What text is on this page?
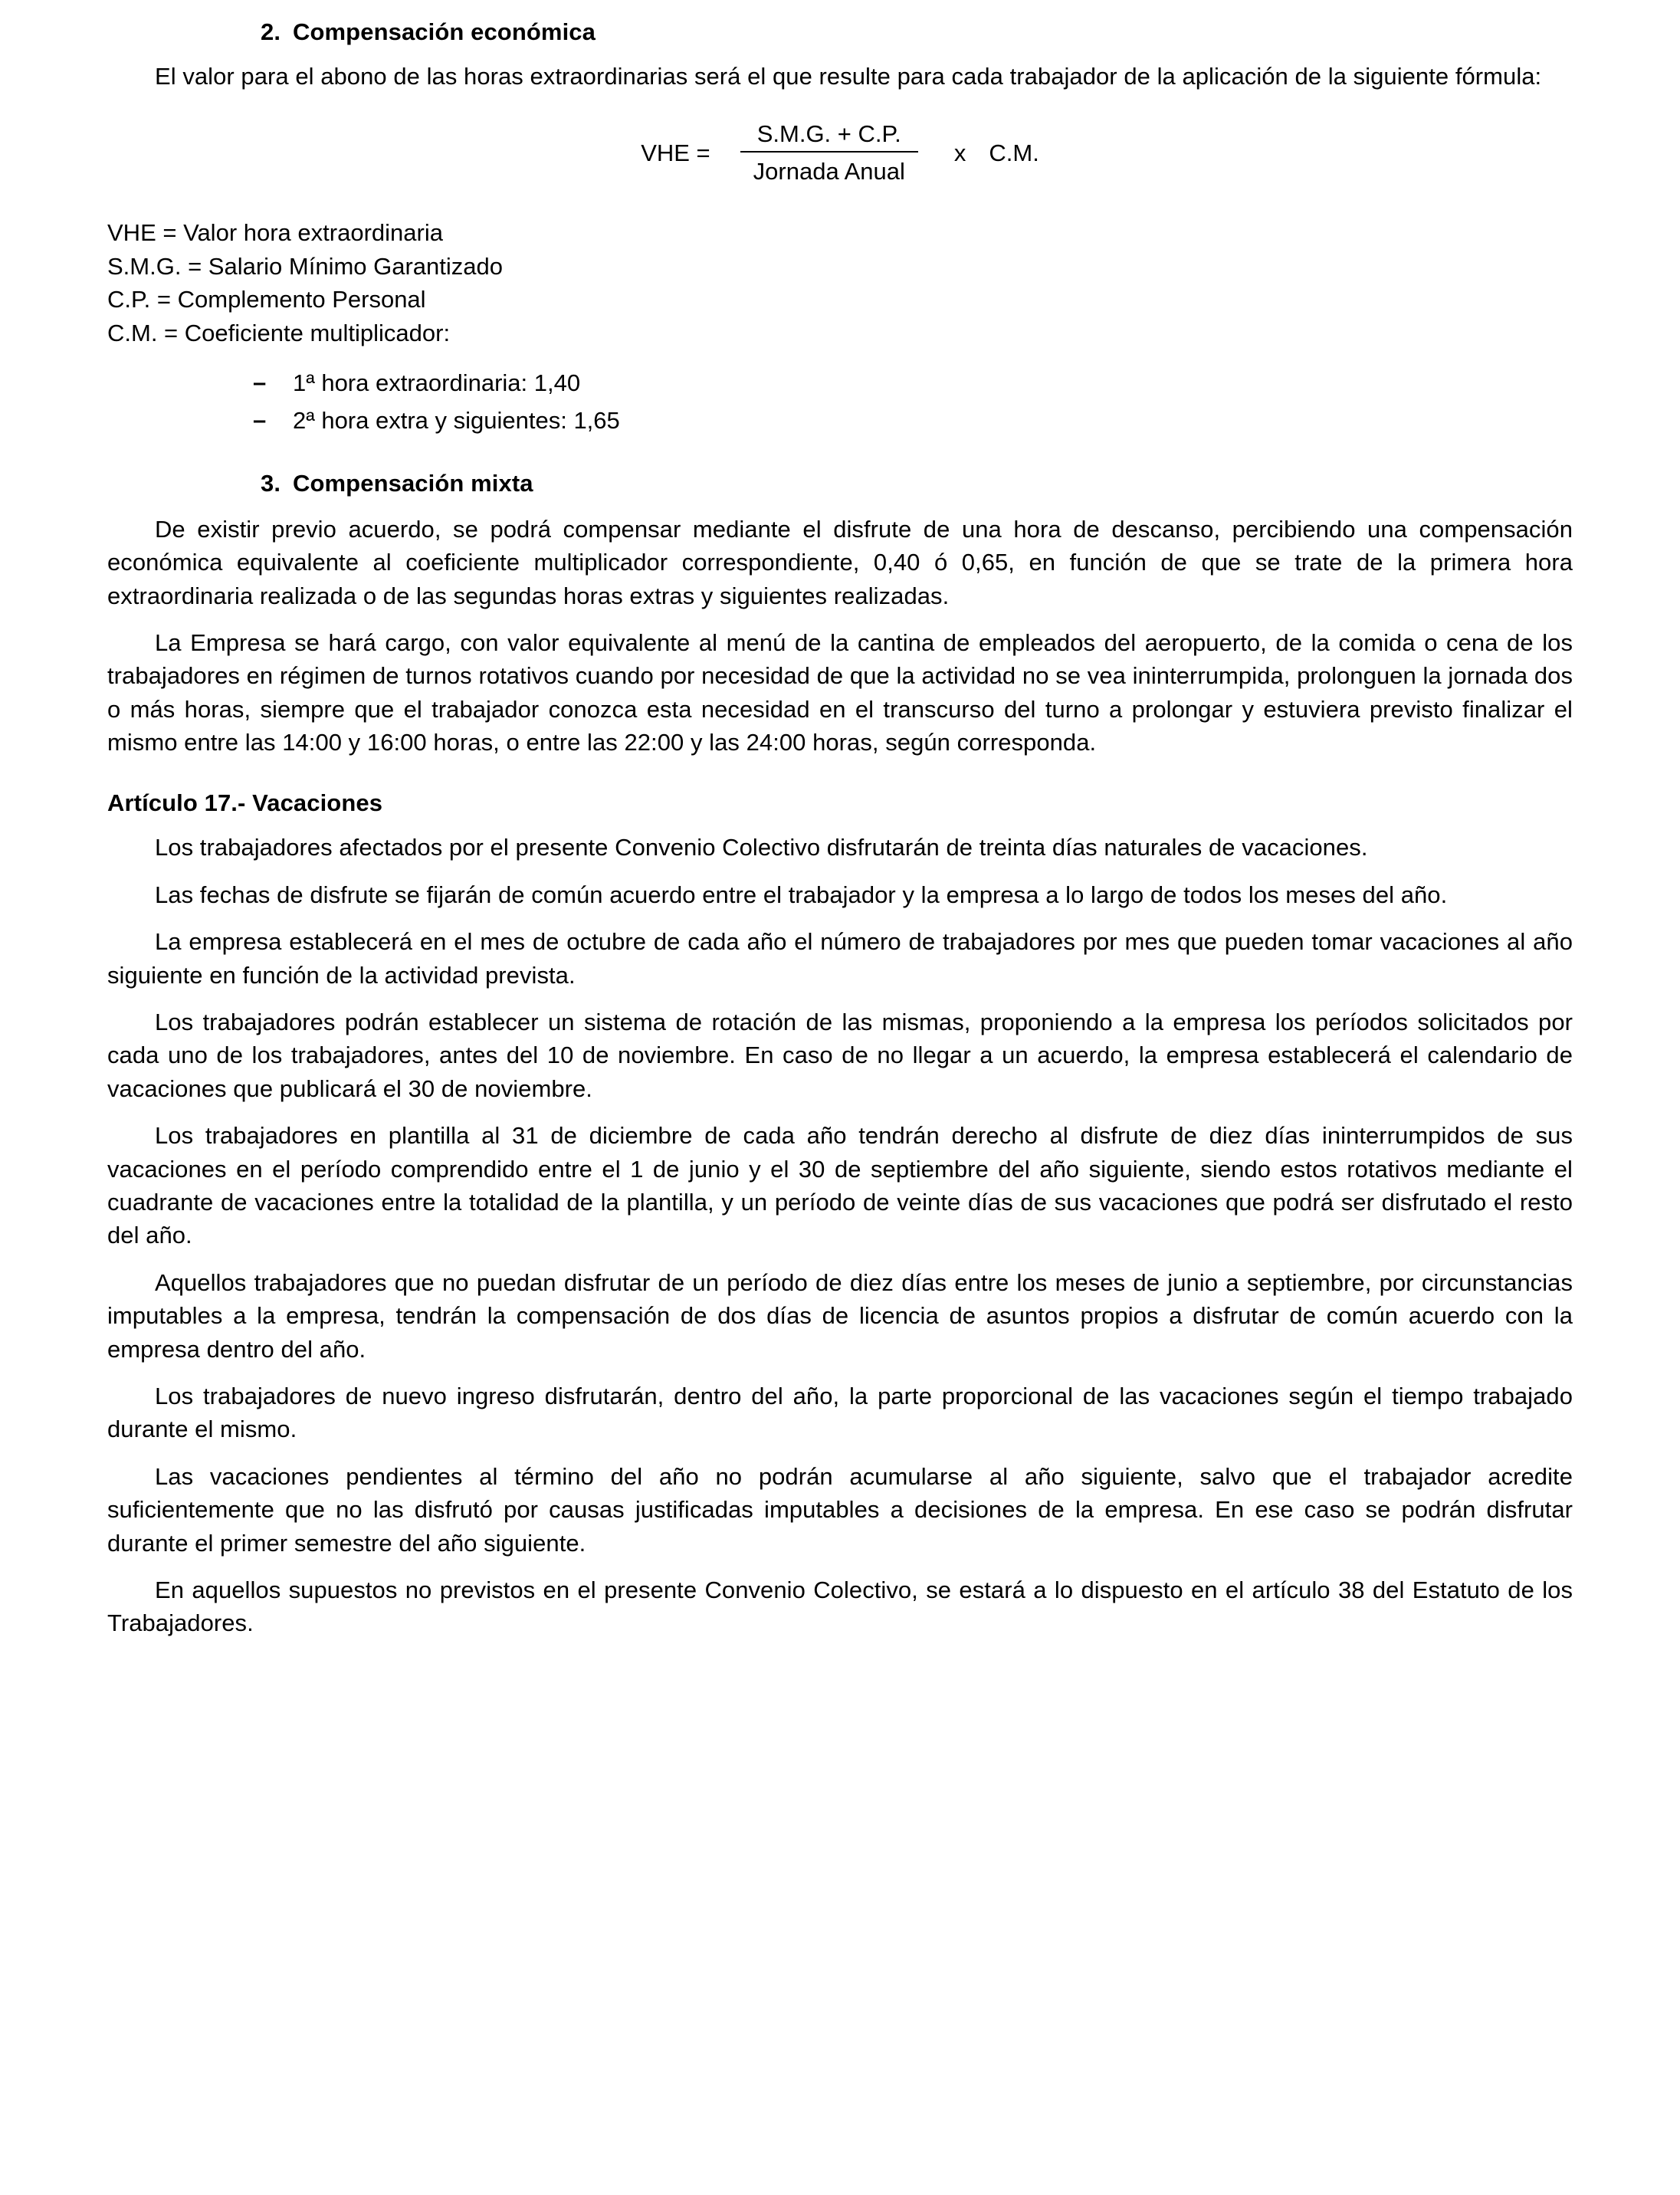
2. Compensación económica

El valor para el abono de las horas extraordinarias será el que resulte para cada trabajador de la aplicación de la siguiente fórmula:

VHE = $\frac{S.M.G. + C.P.}{\text{Jornada Anual}}$ x C.M.
VHE = Valor hora extraordinaria
S.M.G. = Salario Mínimo Garantizado
C.P. = Complemento Personal
C.M. = Coeficiente multiplicador:
– 1ª hora extraordinaria: 1,40
– 2ª hora extra y siguientes: 1,65
3. Compensación mixta

De existir previo acuerdo, se podrá compensar mediante el disfrute de una hora de descanso, percibiendo una compensación económica equivalente al coeficiente multiplicador correspondiente, 0,40 ó 0,65, en función de que se trate de la primera hora extraordinaria realizada o de las segundas horas extras y siguientes realizadas.

La Empresa se hará cargo, con valor equivalente al menú de la cantina de empleados del aeropuerto, de la comida o cena de los trabajadores en régimen de turnos rotativos cuando por necesidad de que la actividad no se vea ininterrumpida, prolonguen la jornada dos o más horas, siempre que el trabajador conozca esta necesidad en el transcurso del turno a prolongar y estuviera previsto finalizar el mismo entre las 14:00 y 16:00 horas, o entre las 22:00 y las 24:00 horas, según corresponda.

Artículo 17.- Vacaciones

Los trabajadores afectados por el presente Convenio Colectivo disfrutarán de treinta días naturales de vacaciones.

Las fechas de disfrute se fijarán de común acuerdo entre el trabajador y la empresa a lo largo de todos los meses del año.

La empresa establecerá en el mes de octubre de cada año el número de trabajadores por mes que pueden tomar vacaciones al año siguiente en función de la actividad prevista.

Los trabajadores podrán establecer un sistema de rotación de las mismas, proponiendo a la empresa los períodos solicitados por cada uno de los trabajadores, antes del 10 de noviembre. En caso de no llegar a un acuerdo, la empresa establecerá el calendario de vacaciones que publicará el 30 de noviembre.

Los trabajadores en plantilla al 31 de diciembre de cada año tendrán derecho al disfrute de diez días ininterrumpidos de sus vacaciones en el período comprendido entre el 1 de junio y el 30 de septiembre del año siguiente, siendo estos rotativos mediante el cuadrante de vacaciones entre la totalidad de la plantilla, y un período de veinte días de sus vacaciones que podrá ser disfrutado el resto del año.

Aquellos trabajadores que no puedan disfrutar de un período de diez días entre los meses de junio a septiembre, por circunstancias imputables a la empresa, tendrán la compensación de dos días de licencia de asuntos propios a disfrutar de común acuerdo con la empresa dentro del año.

Los trabajadores de nuevo ingreso disfrutarán, dentro del año, la parte proporcional de las vacaciones según el tiempo trabajado durante el mismo.

Las vacaciones pendientes al término del año no podrán acumularse al año siguiente, salvo que el trabajador acredite suficientemente que no las disfrutó por causas justificadas imputables a decisiones de la empresa. En ese caso se podrán disfrutar durante el primer semestre del año siguiente.

En aquellos supuestos no previstos en el presente Convenio Colectivo, se estará a lo dispuesto en el artículo 38 del Estatuto de los Trabajadores.
